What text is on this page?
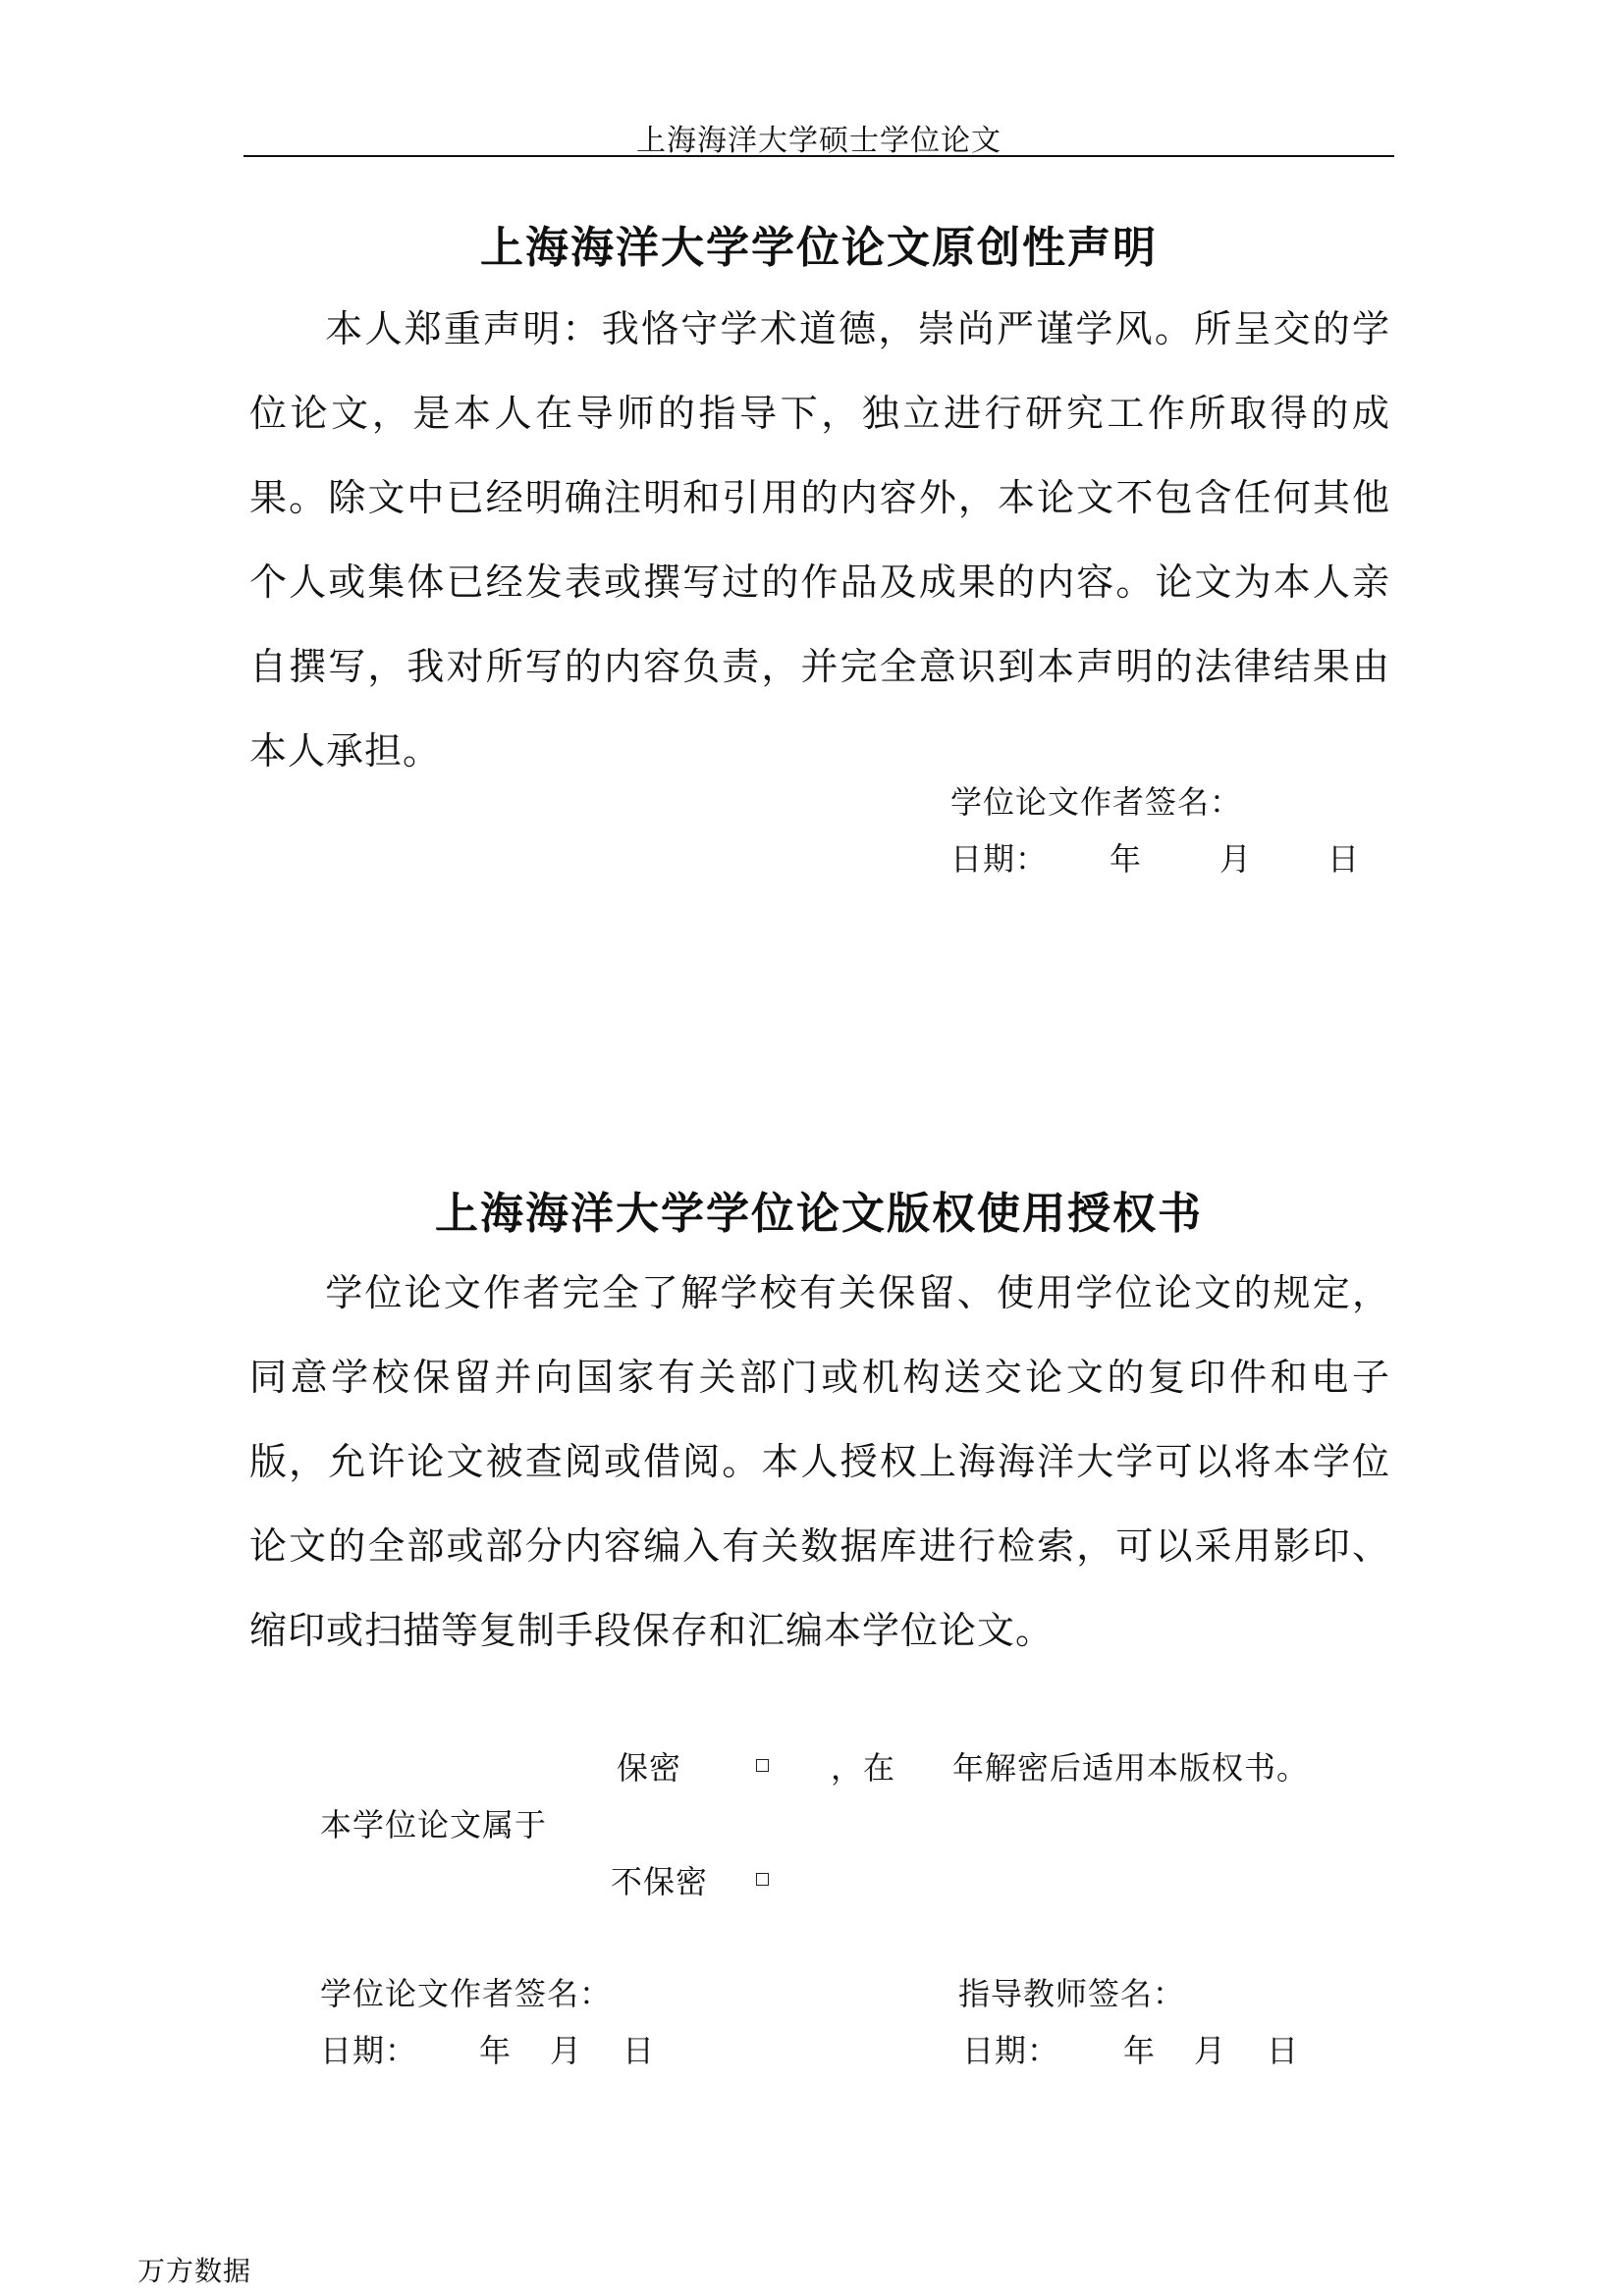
上海海洋大学硕士学位论文
上海海洋大学学位论文原创性声明
本人郑重声明：我恪守学术道德，崇尚严谨学风。所呈交的学位论文，是本人在导师的指导下，独立进行研究工作所取得的成果。除文中已经明确注明和引用的内容外，本论文不包含任何其他个人或集体已经发表或撰写过的作品及成果的内容。论文为本人亲自撰写，我对所写的内容负责，并完全意识到本声明的法律结果由本人承担。
学位论文作者签名：
日期： 年 月 日
上海海洋大学学位论文版权使用授权书
学位论文作者完全了解学校有关保留、使用学位论文的规定，同意学校保留并向国家有关部门或机构送交论文的复印件和电子版，允许论文被查阅或借阅。本人授权上海海洋大学可以将本学位论文的全部或部分内容编入有关数据库进行检索，可以采用影印、缩印或扫描等复制手段保存和汇编本学位论文。
保密	，在 年解密后适用本版权书。
本学位论文属于
不保密
学位论文作者签名：	指导教师签名：
日期： 年 月 日	日期： 年 月 日
万方数据
